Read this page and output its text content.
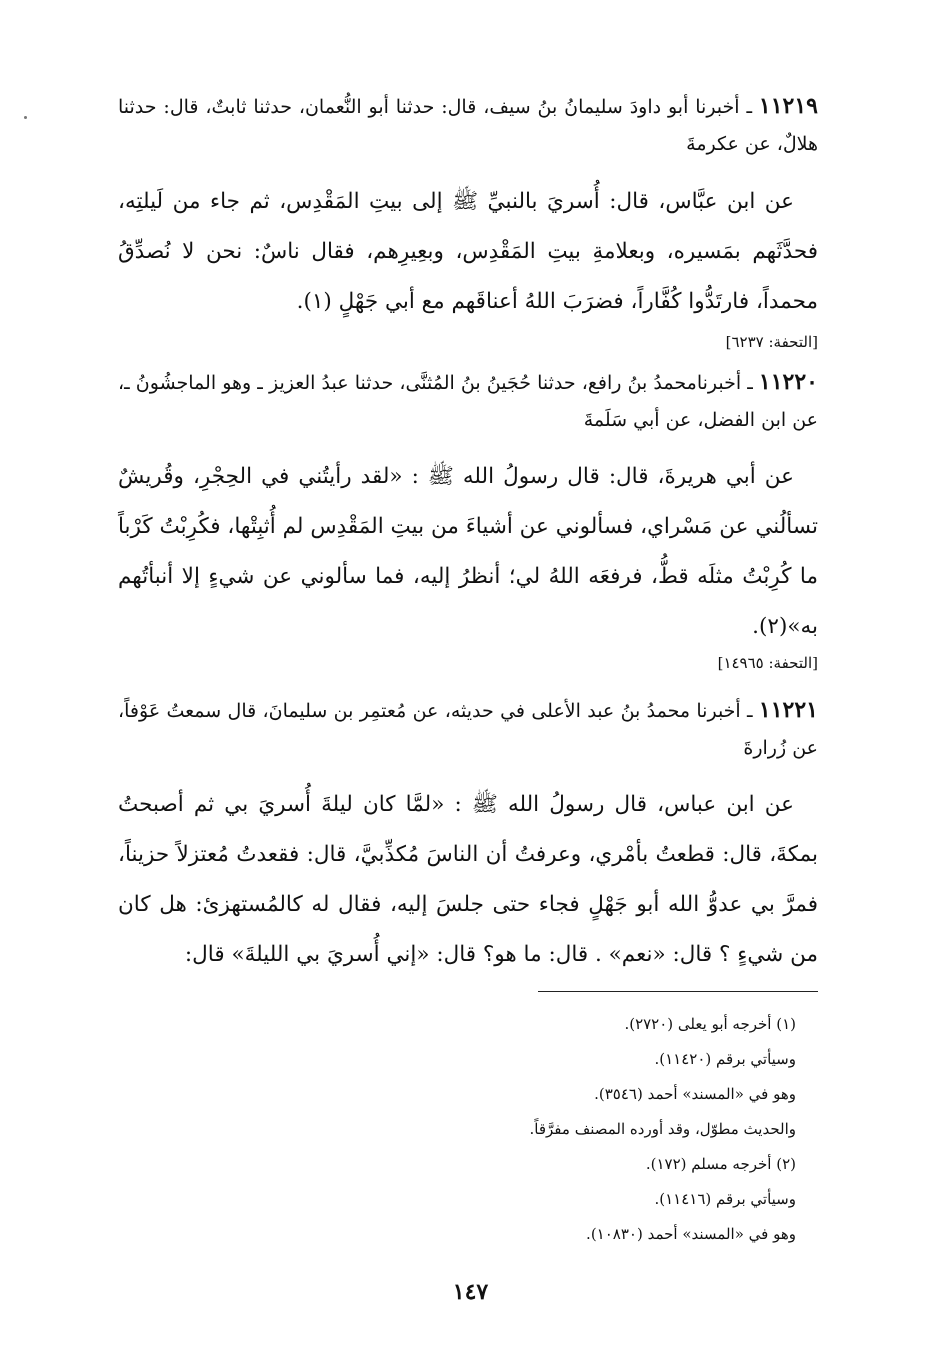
١١٢١٩ ـ أخبرنا أبو داودَ سليمانُ بنُ سيف، قال: حدثنا أبو النُّعمان، حدثنا ثابتٌ، قال: حدثنا هلالٌ، عن عكرمةَ
عن ابن عبَّاس، قال: أُسريَ بالنبيِّ ﷺ إلى بيتِ المَقْدِس، ثم جاء من لَيلتِه، فحدَّثَهم بمَسيره، وبعلامةِ بيتِ المَقْدِس، وبعِيرِهم، فقال ناسٌ: نحن لا نُصدِّقُ محمداً، فارتَدُّوا كُفَّاراً، فضرَبَ اللهُ أعناقَهم مع أبي جَهْلٍ (١).
[التحفة: ٦٢٣٧]
١١٢٢٠ ـ أخبرنامحمدُ بنُ رافع، حدثنا حُجَينُ بنُ المُثنَّى، حدثنا عبدُ العزيز ـ وهو الماجشُونُ ـ، عن ابن الفضل، عن أبي سَلَمةَ
عن أبي هريرةَ، قال: قال رسولُ الله ﷺ : «لقد رأيتُني في الحِجْرِ، وقُريشٌ تسألُني عن مَسْراي، فسألوني عن أشياءَ من بيتِ المَقْدِس لم أُثبِتْها، فكُرِبْتُ كَرْباً ما كُرِبْتُ مثلَه قطُّ، فرفعَه اللهُ لي؛ أنظرُ إليه، فما سألوني عن شيءٍ إلا أنبأتُهم به»(٢).
[التحفة: ١٤٩٦٥]
١١٢٢١ ـ أخبرنا محمدُ بنُ عبد الأعلى في حديثه، عن مُعتمِر بن سليمانَ، قال سمعتُ عَوْفاً، عن زُرارةَ
عن ابن عباس، قال رسولُ الله ﷺ : «لمَّا كان ليلةَ أُسريَ بي ثم أصبحتُ بمكةَ، قال: قطعتُ بأمْري، وعرفتُ أن الناسَ مُكذِّبيَّ، قال: فقعدتُ مُعتزلاً حزيناً، فمرَّ بي عدوُّ الله أبو جَهْلٍ فجاء حتى جلسَ إليه، فقال له كالمُستهزئ: هل كان من شيءٍ ؟ قال: «نعم» . قال: ما هو؟ قال: «إني أُسريَ بي الليلةَ» قال:
(١) أخرجه أبو يعلى (٢٧٢٠).
وسيأتي برقم (١١٤٢٠).
وهو في «المسند» أحمد (٣٥٤٦).
والحديث مطوّل، وقد أورده المصنف مفرَّقاً.
(٢) أخرجه مسلم (١٧٢).
وسيأتي برقم (١١٤١٦).
وهو في «المسند» أحمد (١٠٨٣٠).
١٤٧
